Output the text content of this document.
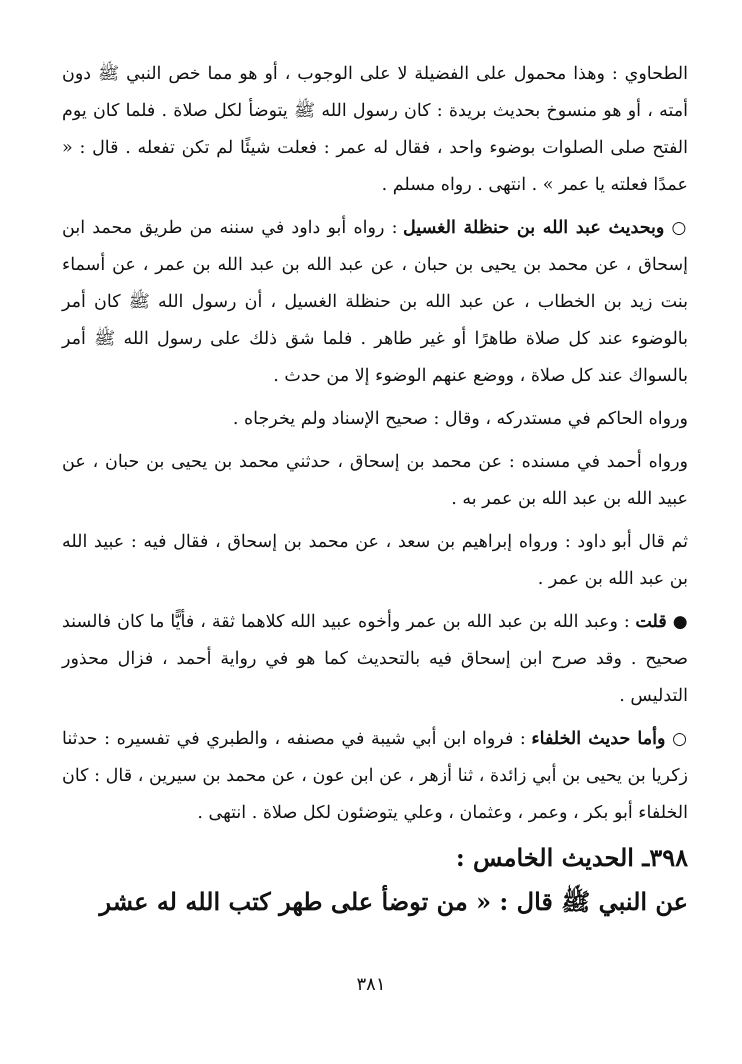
الطحاوي : وهذا محمول على الفضيلة لا على الوجوب ، أو هو مما خص النبي ﷺ دون أمته ، أو هو منسوخ بحديث بريدة : كان رسول الله ﷺ يتوضأ لكل صلاة . فلما كان يوم الفتح صلى الصلوات بوضوء واحد ، فقال له عمر : فعلت شيئًا لم تكن تفعله . قال : « عمدًا فعلته يا عمر » . انتهى . رواه مسلم .

○ وبحديث عبد الله بن حنظلة الغسيل : رواه أبو داود في سننه من طريق محمد ابن إسحاق ، عن محمد بن يحيى بن حبان ، عن عبد الله بن عبد الله بن عمر ، عن أسماء بنت زيد بن الخطاب ، عن عبد الله بن حنظلة الغسيل ، أن رسول الله ﷺ كان أمر بالوضوء عند كل صلاة طاهرًا أو غير طاهر . فلما شق ذلك على رسول الله ﷺ أمر بالسواك عند كل صلاة ، ووضع عنهم الوضوء إلا من حدث .

ورواه الحاكم في مستدركه ، وقال : صحيح الإسناد ولم يخرجاه .

ورواه أحمد في مسنده : عن محمد بن إسحاق ، حدثني محمد بن يحيى بن حبان ، عن عبيد الله بن عبد الله بن عمر به .

ثم قال أبو داود : ورواه إبراهيم بن سعد ، عن محمد بن إسحاق ، فقال فيه : عبيد الله بن عبد الله بن عمر .

● قلت : وعبد الله بن عبد الله بن عمر وأخوه عبيد الله كلاهما ثقة ، فأيًّا ما كان فالسند صحيح . وقد صرح ابن إسحاق فيه بالتحديث كما هو في رواية أحمد ، فزال محذور التدليس .

○ وأما حديث الخلفاء : فرواه ابن أبي شيبة في مصنفه ، والطبري في تفسيره : حدثنا زكريا بن يحيى بن أبي زائدة ، ثنا أزهر ، عن ابن عون ، عن محمد بن سيرين ، قال : كان الخلفاء أبو بكر ، وعمر ، وعثمان ، وعلي يتوضئون لكل صلاة . انتهى .

٣٩٨ـ الحديث الخامس :
عن النبي ﷺ قال : « من توضأ على طهر كتب الله له عشر
٣٨١
